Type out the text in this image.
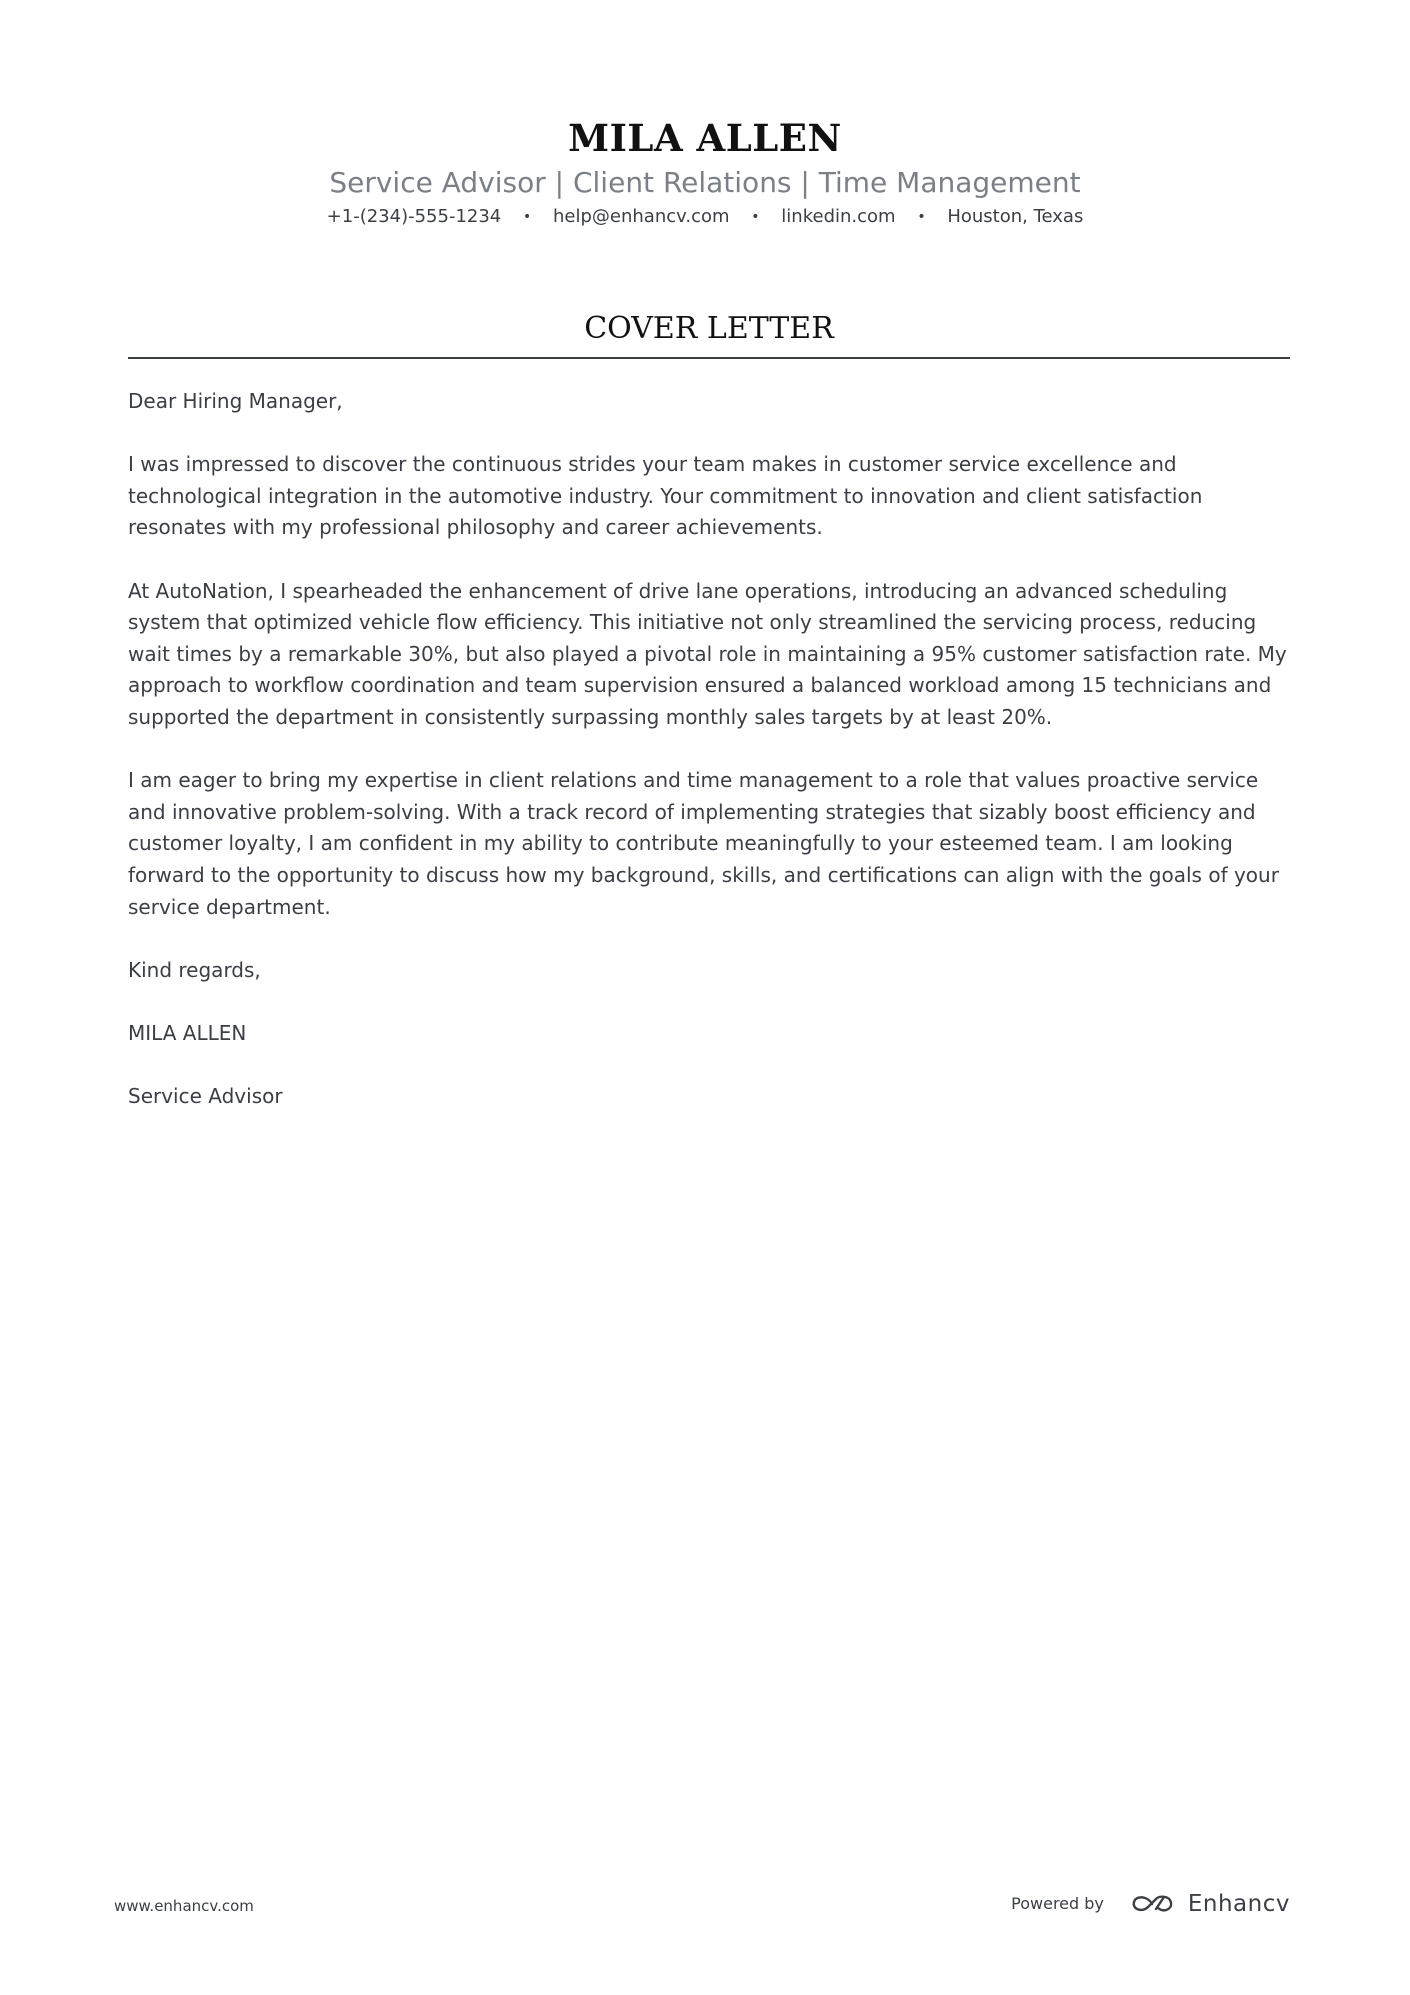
MILA ALLEN
Service Advisor | Client Relations | Time Management
+1-(234)-555-1234 • help@enhancv.com • linkedin.com • Houston, Texas
COVER LETTER

Dear Hiring Manager,

I was impressed to discover the continuous strides your team makes in customer service excellence and technological integration in the automotive industry. Your commitment to innovation and client satisfaction resonates with my professional philosophy and career achievements.

At AutoNation, I spearheaded the enhancement of drive lane operations, introducing an advanced scheduling system that optimized vehicle flow efficiency. This initiative not only streamlined the servicing process, reducing wait times by a remarkable 30%, but also played a pivotal role in maintaining a 95% customer satisfaction rate. My approach to workflow coordination and team supervision ensured a balanced workload among 15 technicians and supported the department in consistently surpassing monthly sales targets by at least 20%.

I am eager to bring my expertise in client relations and time management to a role that values proactive service and innovative problem-solving. With a track record of implementing strategies that sizably boost efficiency and customer loyalty, I am confident in my ability to contribute meaningfully to your esteemed team. I am looking forward to the opportunity to discuss how my background, skills, and certifications can align with the goals of your service department.

Kind regards,

MILA ALLEN

Service Advisor

www.enhancv.com	Powered by	Enhancv
